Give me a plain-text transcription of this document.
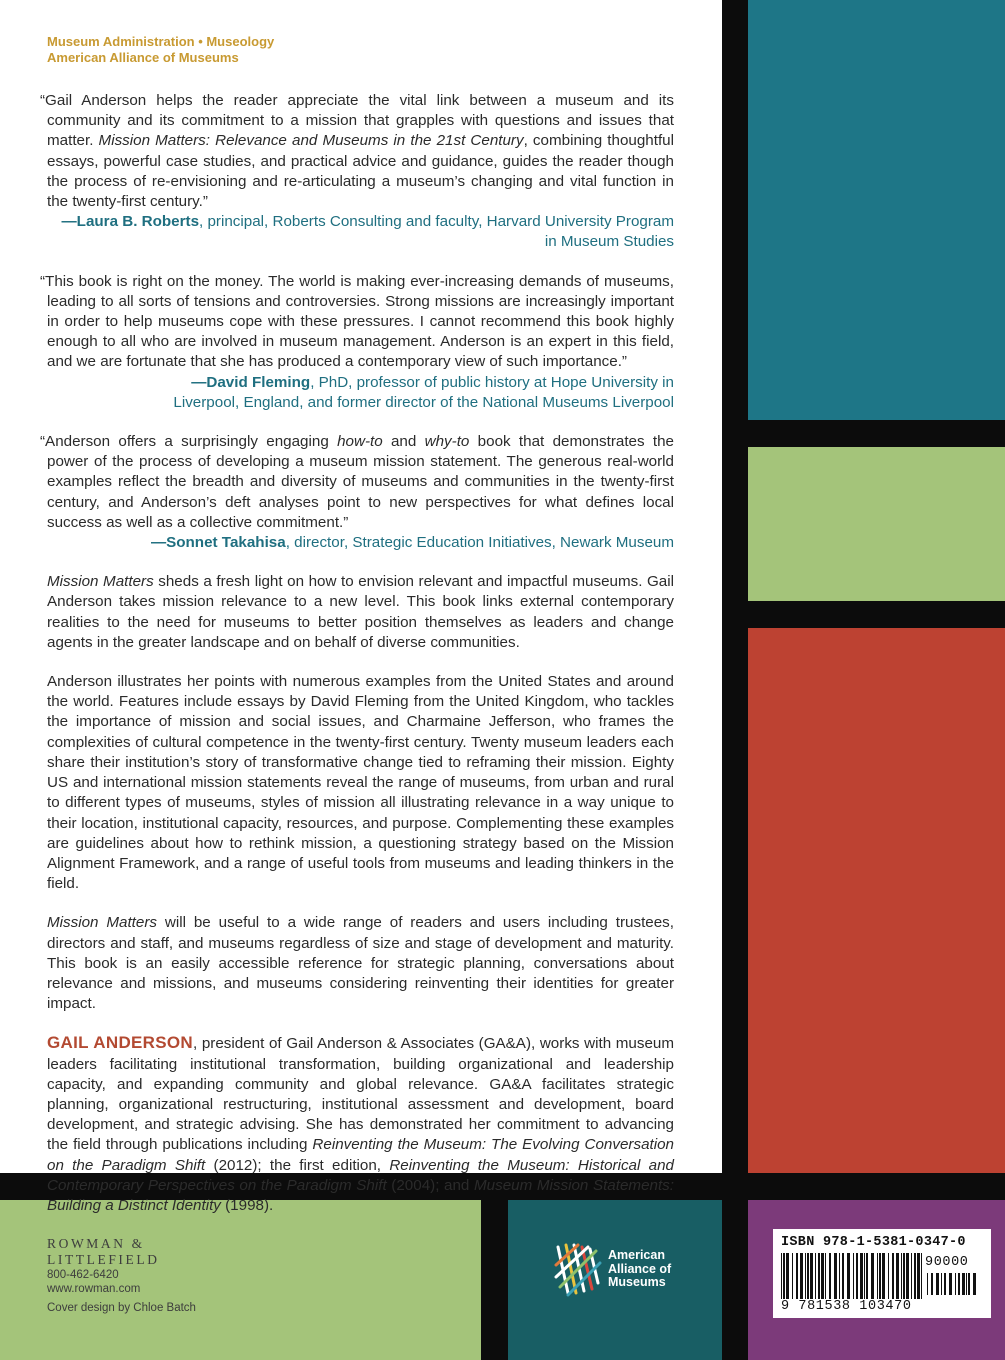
Museum Administration • Museology
American Alliance of Museums

“Gail Anderson helps the reader appreciate the vital link between a museum and its community and its commitment to a mission that grapples with questions and issues that matter. Mission Matters: Relevance and Museums in the 21st Century, combining thoughtful essays, powerful case studies, and practical advice and guidance, guides the reader though the process of re-envisioning and re-articulating a museum’s changing and vital function in the twenty-first century.”

—Laura B. Roberts, principal, Roberts Consulting and faculty, Harvard University Program in Museum Studies

“This book is right on the money. The world is making ever-increasing demands of museums, leading to all sorts of tensions and controversies. Strong missions are increasingly important in order to help museums cope with these pressures. I cannot recommend this book highly enough to all who are involved in museum management. Anderson is an expert in this field, and we are fortunate that she has produced a contemporary view of such importance.”

—David Fleming, PhD, professor of public history at Hope University in Liverpool, England, and former director of the National Museums Liverpool

“Anderson offers a surprisingly engaging how-to and why-to book that demonstrates the power of the process of developing a museum mission statement. The generous real-world examples reflect the breadth and diversity of museums and communities in the twenty-first century, and Anderson’s deft analyses point to new perspectives for what defines local success as well as a collective commitment.”

—Sonnet Takahisa, director, Strategic Education Initiatives, Newark Museum

Mission Matters sheds a fresh light on how to envision relevant and impactful museums. Gail Anderson takes mission relevance to a new level. This book links external contemporary realities to the need for museums to better position themselves as leaders and change agents in the greater landscape and on behalf of diverse communities.

Anderson illustrates her points with numerous examples from the United States and around the world. Features include essays by David Fleming from the United Kingdom, who tackles the importance of mission and social issues, and Charmaine Jefferson, who frames the complexities of cultural competence in the twenty-first century. Twenty museum leaders each share their institution’s story of transformative change tied to reframing their mission. Eighty US and international mission statements reveal the range of museums, from urban and rural to different types of museums, styles of mission all illustrating relevance in a way unique to their location, institutional capacity, resources, and purpose. Complementing these examples are guidelines about how to rethink mission, a questioning strategy based on the Mission Alignment Framework, and a range of useful tools from museums and leading thinkers in the field.

Mission Matters will be useful to a wide range of readers and users including trustees, directors and staff, and museums regardless of size and stage of development and maturity. This book is an easily accessible reference for strategic planning, conversations about relevance and missions, and museums considering reinventing their identities for greater impact.

GAIL ANDERSON, president of Gail Anderson & Associates (GA&A), works with museum leaders facilitating institutional transformation, building organizational and leadership capacity, and expanding community and global relevance. GA&A facilitates strategic planning, organizational restructuring, institutional assessment and development, board development, and strategic advising. She has demonstrated her commitment to advancing the field through publications including Reinventing the Museum: The Evolving Conversation on the Paradigm Shift (2012); the first edition, Reinventing the Museum: Historical and Contemporary Perspectives on the Paradigm Shift (2004); and Museum Mission Statements: Building a Distinct Identity (1998).

ROWMAN &
LITTLEFIELD
800-462-6420
www.rowman.com
Cover design by Chloe Batch
American
Alliance of
Museums
ISBN 978-1-5381-0347-0
90000
9 781538 103470
